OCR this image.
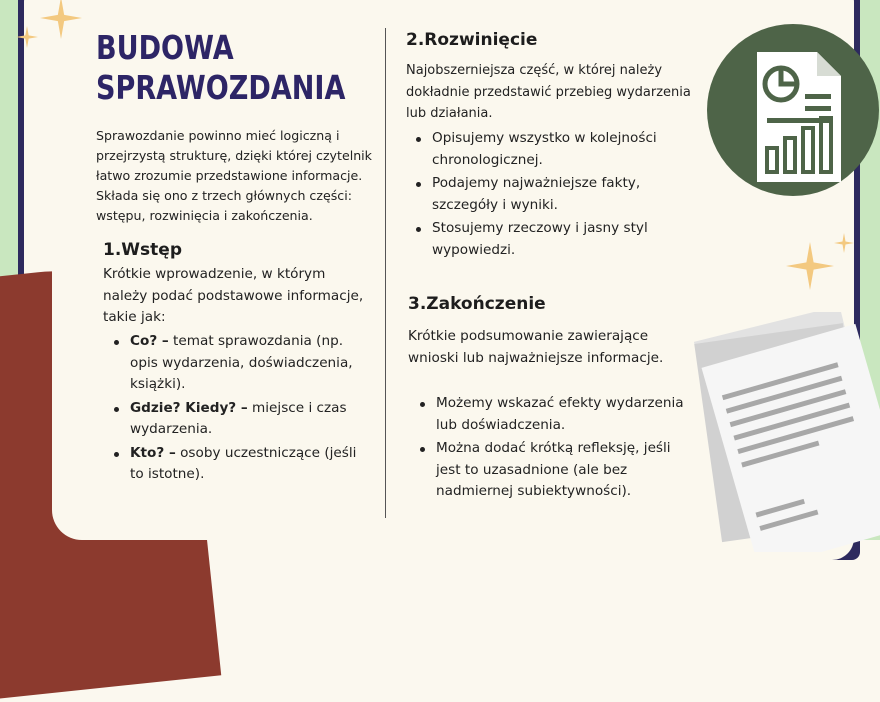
BUDOWA
SPRAWOZDANIA

Sprawozdanie powinno mieć logiczną i przejrzystą strukturę, dzięki której czytelnik łatwo zrozumie przedstawione informacje. Składa się ono z trzech głównych części: wstępu, rozwinięcia i zakończenia.

1.Wstęp

Krótkie wprowadzenie, w którym należy podać podstawowe informacje, takie jak:

Co? – temat sprawozdania (np. opis wydarzenia, doświadczenia, książki).
Gdzie? Kiedy? – miejsce i czas wydarzenia.
Kto? – osoby uczestniczące (jeśli to istotne).
2.Rozwinięcie

Najobszerniejsza część, w której należy dokładnie przedstawić przebieg wydarzenia lub działania.

Opisujemy wszystko w kolejności chronologicznej.
Podajemy najważniejsze fakty, szczegóły i wyniki.
Stosujemy rzeczowy i jasny styl wypowiedzi.
3.Zakończenie

Krótkie podsumowanie zawierające wnioski lub najważniejsze informacje.

Możemy wskazać efekty wydarzenia lub doświadczenia.
Można dodać krótką refleksję, jeśli jest to uzasadnione (ale bez nadmiernej subiektywności).
